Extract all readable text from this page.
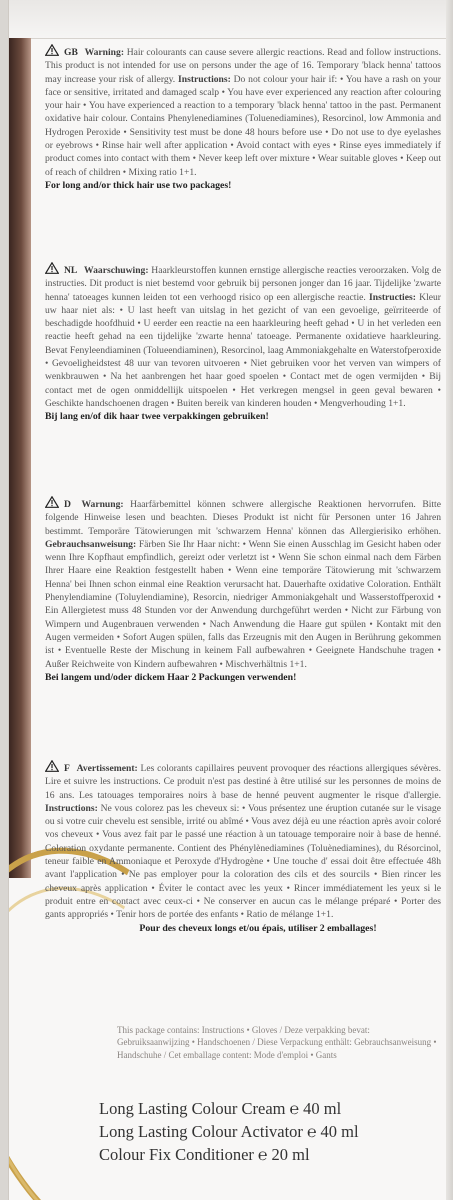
GB Warning: Hair colourants can cause severe allergic reactions. Read and follow instructions. This product is not intended for use on persons under the age of 16. Temporary 'black henna' tattoos may increase your risk of allergy. Instructions: Do not colour your hair if: • You have a rash on your face or sensitive, irritated and damaged scalp • You have ever experienced any reaction after colouring your hair • You have experienced a reaction to a temporary 'black henna' tattoo in the past. Permanent oxidative hair colour. Contains Phenylenediamines (Toluenediamines), Resorcinol, low Ammonia and Hydrogen Peroxide • Sensitivity test must be done 48 hours before use • Do not use to dye eyelashes or eyebrows • Rinse hair well after application • Avoid contact with eyes • Rinse eyes immediately if product comes into contact with them • Never keep left over mixture • Wear suitable gloves • Keep out of reach of children • Mixing ratio 1+1.

For long and/or thick hair use two packages!

NL Waarschuwing: Haarkleurstoffen kunnen ernstige allergische reacties veroorzaken. Volg de instructies. Dit product is niet bestemd voor gebruik bij personen jonger dan 16 jaar. Tijdelijke 'zwarte henna' tatoeages kunnen leiden tot een verhoogd risico op een allergische reactie. Instructies: Kleur uw haar niet als: • U last heeft van uitslag in het gezicht of van een gevoelige, geïrriteerde of beschadigde hoofdhuid • U eerder een reactie na een haarkleuring heeft gehad • U in het verleden een reactie heeft gehad na een tijdelijke 'zwarte henna' tatoeage. Permanente oxidatieve haarkleuring. Bevat Fenyleendiaminen (Tolueendiaminen), Resorcinol, laag Ammoniakgehalte en Waterstofperoxide • Gevoeligheidstest 48 uur van tevoren uitvoeren • Niet gebruiken voor het verven van wimpers of wenkbrauwen • Na het aanbrengen het haar goed spoelen • Contact met de ogen vermijden • Bij contact met de ogen onmiddellijk uitspoelen • Het verkregen mengsel in geen geval bewaren • Geschikte handschoenen dragen • Buiten bereik van kinderen houden • Mengverhouding 1+1.

Bij lang en/of dik haar twee verpakkingen gebruiken!

D Warnung: Haarfärbemittel können schwere allergische Reaktionen hervorrufen. Bitte folgende Hinweise lesen und beachten. Dieses Produkt ist nicht für Personen unter 16 Jahren bestimmt. Temporäre Tätowierungen mit 'schwarzem Henna' können das Allergierisiko erhöhen. Gebrauchsanweisung: Färben Sie Ihr Haar nicht: • Wenn Sie einen Ausschlag im Gesicht haben oder wenn Ihre Kopfhaut empfindlich, gereizt oder verletzt ist • Wenn Sie schon einmal nach dem Färben Ihrer Haare eine Reaktion festgestellt haben • Wenn eine temporäre Tätowierung mit 'schwarzem Henna' bei Ihnen schon einmal eine Reaktion verursacht hat. Dauerhafte oxidative Coloration. Enthält Phenylendiamine (Toluylendiamine), Resorcin, niedriger Ammoniakgehalt und Wasserstoffperoxid • Ein Allergietest muss 48 Stunden vor der Anwendung durchgeführt werden • Nicht zur Färbung von Wimpern und Augenbrauen verwenden • Nach Anwendung die Haare gut spülen • Kontakt mit den Augen vermeiden • Sofort Augen spülen, falls das Erzeugnis mit den Augen in Berührung gekommen ist • Eventuelle Reste der Mischung in keinem Fall aufbewahren • Geeignete Handschuhe tragen • Außer Reichweite von Kindern aufbewahren • Mischverhältnis 1+1.

Bei langem und/oder dickem Haar 2 Packungen verwenden!

F Avertissement: Les colorants capillaires peuvent provoquer des réactions allergiques sévères. Lire et suivre les instructions. Ce produit n'est pas destiné à être utilisé sur les personnes de moins de 16 ans. Les tatouages temporaires noirs à base de henné peuvent augmenter le risque d'allergie. Instructions: Ne vous colorez pas les cheveux si: • Vous présentez une éruption cutanée sur le visage ou si votre cuir chevelu est sensible, irrité ou abîmé • Vous avez déjà eu une réaction après avoir coloré vos cheveux • Vous avez fait par le passé une réaction à un tatouage temporaire noir à base de henné. Coloration oxydante permanente. Contient des Phénylènediamines (Toluènediamines), du Résorcinol, teneur faible en Ammoniaque et Peroxyde d'Hydrogène • Une touche d' essai doit être effectuée 48h avant l'application • Ne pas employer pour la coloration des cils et des sourcils • Bien rincer les cheveux après application • Éviter le contact avec les yeux • Rincer immédiatement les yeux si le produit entre en contact avec ceux-ci • Ne conserver en aucun cas le mélange préparé • Porter des gants appropriés • Tenir hors de portée des enfants • Ratio de mélange 1+1.

Pour des cheveux longs et/ou épais, utiliser 2 emballages!

This package contains: Instructions • Gloves / Deze verpakking bevat: Gebruiksaanwijzing • Handschoenen / Diese Verpackung enthält: Gebrauchsanweisung • Handschuhe / Cet emballage content: Mode d'emploi • Gants
Long Lasting Colour Cream ℮ 40 ml
Long Lasting Colour Activator ℮ 40 ml
Colour Fix Conditioner ℮ 20 ml
